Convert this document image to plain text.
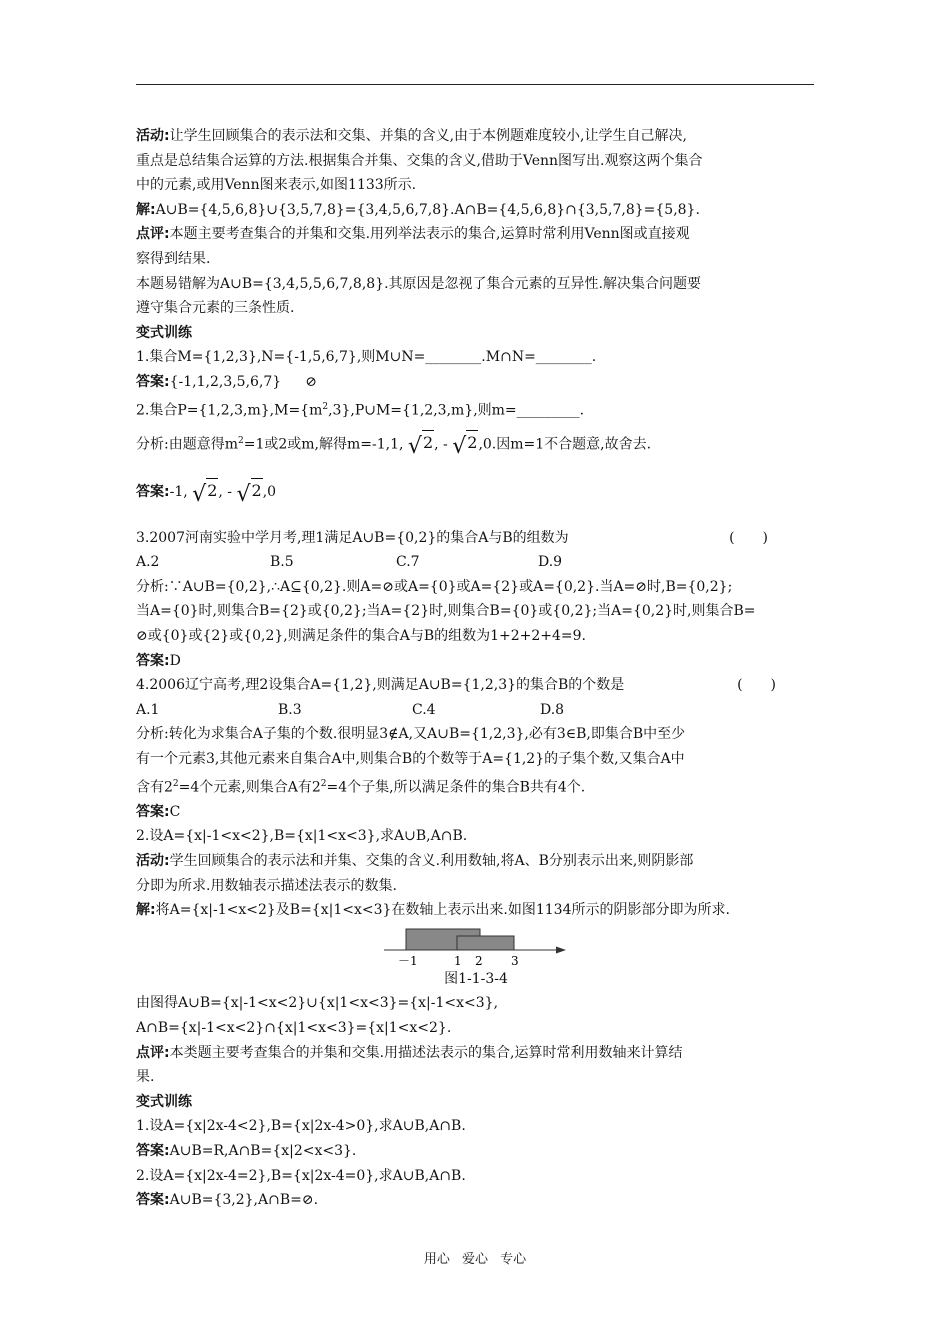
活动:让学生回顾集合的表示法和交集、并集的含义,由于本例题难度较小,让学生自己解决,

重点是总结集合运算的方法.根据集合并集、交集的含义,借助于Venn图写出.观察这两个集合

中的元素,或用Venn图来表示,如图1133所示.

解:A∪B={4,5,6,8}∪{3,5,7,8}={3,4,5,6,7,8}.A∩B={4,5,6,8}∩{3,5,7,8}={5,8}.

点评:本题主要考查集合的并集和交集.用列举法表示的集合,运算时常利用Venn图或直接观

察得到结果.

本题易错解为A∪B={3,4,5,5,6,7,8,8}.其原因是忽视了集合元素的互异性.解决集合问题要

遵守集合元素的三条性质.

变式训练

1.集合M={1,2,3},N={-1,5,6,7},则M∪N=________.M∩N=________.

答案:{-1,1,2,3,5,6,7} ⊘

2.集合$P=\{1,2,3,m\},M=\{m^2,3\},P\cup M=\{1,2,3,m\}$,则m=_________.

分析:由题意得$m^2=1$或2或m,解得m=-1,1, √2, - √2,0.因m=1不合题意,故舍去.

答案:-1, √2, - √2,0

3.2007河南实验中学月考,理1满足A∪B={0,2}的集合A与B的组数为	(　　)

A.2	B.5	C.7	D.9

分析:∵A∪B={0,2},∴A⊆{0,2}.则A=⊘或A={0}或A={2}或A={0,2}.当A=⊘时,B={0,2};

当A={0}时,则集合B={2}或{0,2};当A={2}时,则集合B={0}或{0,2};当A={0,2}时,则集合B=

⊘或{0}或{2}或{0,2},则满足条件的集合A与B的组数为1+2+2+4=9.

答案:D

4.2006辽宁高考,理2设集合A={1,2},则满足A∪B={1,2,3}的集合B的个数是	(　　)

A.1	B.3	C.4	D.8

分析:转化为求集合A子集的个数.很明显3∉A,又A∪B={1,2,3},必有3∈B,即集合B中至少

有一个元素3,其他元素来自集合A中,则集合B的个数等于A={1,2}的子集个数,又集合A中

含有$2^2=4$个元素,则集合A有$2^2=4$个子集,所以满足条件的集合B共有4个.

答案:C

2.设A={x|-1<x<2},B={x|1<x<3},求A∪B,A∩B.

活动:学生回顾集合的表示法和并集、交集的含义.利用数轴,将A、B分别表示出来,则阴影部

分即为所求.用数轴表示描述法表示的数集.

解:将A={x|-1<x<2}及B={x|1<x<3}在数轴上表示出来.如图1134所示的阴影部分即为所求.

－1	1 2 3

图1-1-3-4

由图得A∪B={x|-1<x<2}∪{x|1<x<3}={x|-1<x<3},

A∩B={x|-1<x<2}∩{x|1<x<3}={x|1<x<2}.

点评:本类题主要考查集合的并集和交集.用描述法表示的集合,运算时常利用数轴来计算结

果.

变式训练

1.设A={x|2x-4<2},B={x|2x-4>0},求A∪B,A∩B.

答案:A∪B=R,A∩B={x|2<x<3}.

2.设A={x|2x-4=2},B={x|2x-4=0},求A∪B,A∩B.

答案:A∪B={3,2},A∩B=⊘.

用心 爱心 专心
